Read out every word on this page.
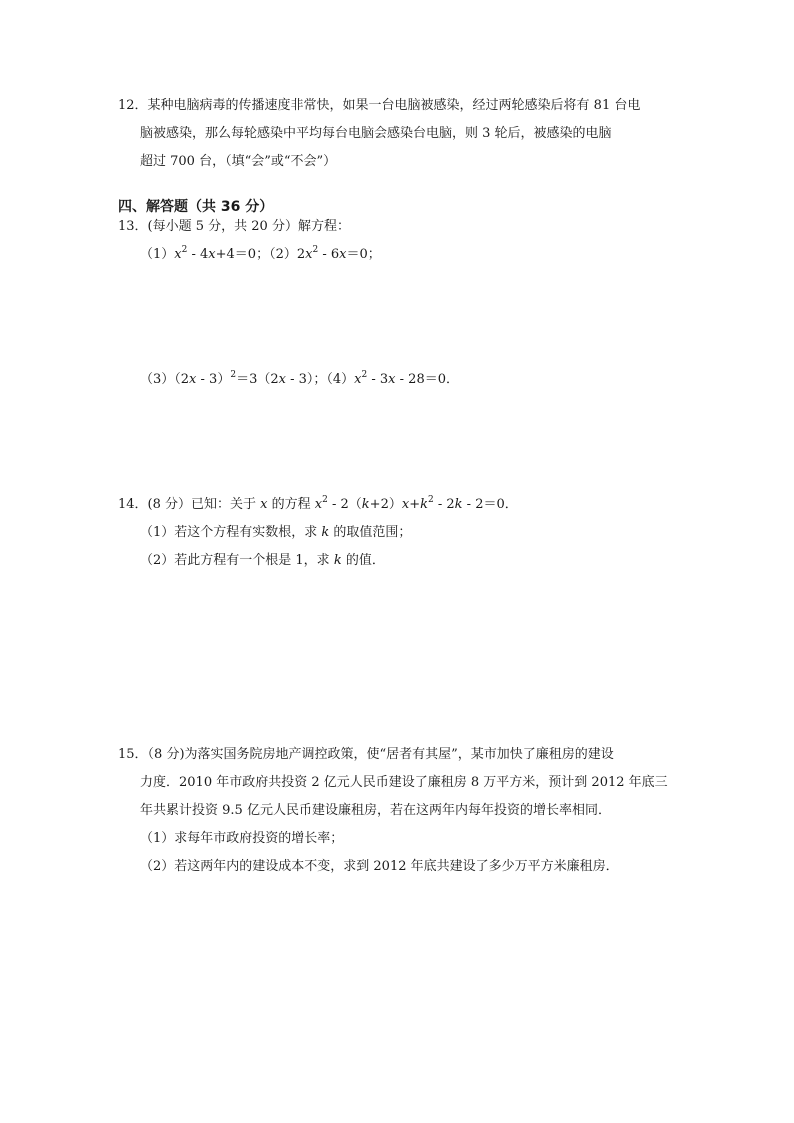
12．某种电脑病毒的传播速度非常快，如果一台电脑被感染，经过两轮感染后将有 81 台电
脑被感染，那么每轮感染中平均每台电脑会感染台电脑，则 3 轮后，被感染的电脑
超过 700 台，（填“会”或“不会”）
四、解答题（共 36 分）
13．(每小题 5 分，共 20 分）解方程：
$(1)x^2 - 4x+4=0$；$(2)2x^2 - 6x=0$；
（3）（2x - 3）$^2$＝3（2x - 3）；$(4)x^2 - 3x - 28=0$．
14．(8 分）已知：关于 x 的方程 $x^2 - 2(k+2)x+k^2 - 2k - 2=0$．
（1）若这个方程有实数根，求 k 的取值范围；
（2）若此方程有一个根是 1，求 k 的值．
15．（8 分)为落实国务院房地产调控政策，使“居者有其屋”，某市加快了廉租房的建设
力度．2010 年市政府共投资 2 亿元人民币建设了廉租房 8 万平方米，预计到 2012 年底三
年共累计投资 9.5 亿元人民币建设廉租房，若在这两年内每年投资的增长率相同．
（1）求每年市政府投资的增长率；
（2）若这两年内的建设成本不变，求到 2012 年底共建设了多少万平方米廉租房．
